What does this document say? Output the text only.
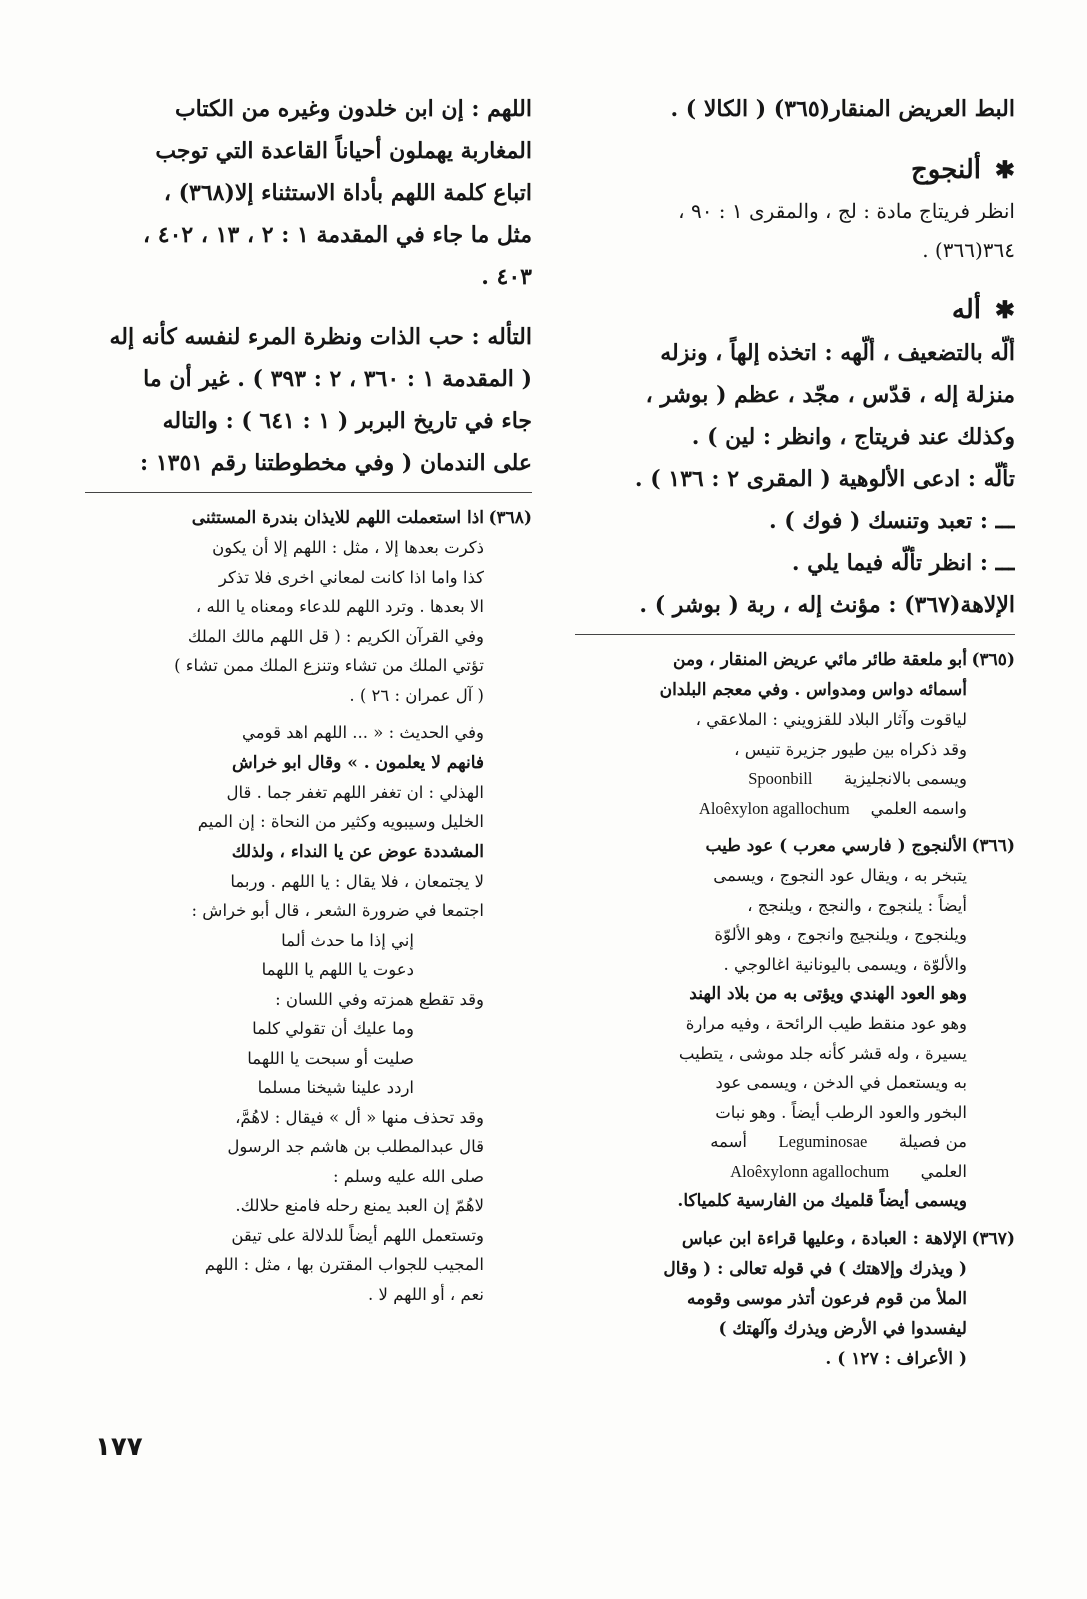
البط العريض المنقار(٣٦٥) ( الكالا ) .
✱
ألنجوج
انظر فريتاج مادة : لج ، والمقرى ١ : ٩٠ ،
٣٦٤(٣٦٦) .
✱
أله
ألّه بالتضعيف ، ألّهه : اتخذه إلهاً ، ونزله
منزلة إله ، قدّس ، مجّد ، عظم ( بوشر ،
وكذلك عند فريتاج ، وانظر : لين ) .
تألّه : ادعى الألوهية ( المقرى ٢ : ١٣٦ ) .
ـــ : تعبد وتنسك ( فوك ) .
ـــ : انظر تألّه فيما يلي .
الإلاهة(٣٦٧) : مؤنث إله ، ربة ( بوشر ) .
(٣٦٥)
أبو ملعقة طائر مائي عريض المنقار ، ومن
أسمائه دواس ومدواس . وفي معجم البلدان
لياقوت وآثار البلاد للقزويني : الملاعقي ،
وقد ذكراه بين طيور جزيرة تنيس ،
ويسمى بالانجليزية      Spoonbill
واسمه العلمي    Aloêxylon agallochum
(٣٦٦)
الألنجوج ( فارسي معرب ) عود طيب
يتبخر به ، ويقال عود النجوج ، ويسمى
أيضاً : يلنجوج ، والنجج ، ويلنجج ،
ويلنجوج ، ويلنجيج وانجوج ، وهو الألوّة
والألوّة ، ويسمى باليونانية اغالوجي .
وهو العود الهندي ويؤتى به من بلاد الهند
وهو عود منقط طيب الرائحة ، وفيه مرارة
يسيرة ، وله قشر كأنه جلد موشى ، يتطيب
به ويستعمل في الدخن ، ويسمى عود
البخور والعود الرطب أيضاً . وهو نبات
من فصيلة      Leguminosae      أسمه
العلمي      Aloêxylonn agallochum
ويسمى أيضاً قلميك من الفارسية كلمياكا.
(٣٦٧)
الإلاهة : العبادة ، وعليها قراءة ابن عباس
( ويذرك وإلاهتك ) في قوله تعالى : ( وقال
الملأ من قوم فرعون أتذر موسى وقومه
ليفسدوا في الأرض ويذرك وآلهتك )
( الأعراف : ١٢٧ ) .
اللهم : إن ابن خلدون وغيره من الكتاب
المغاربة يهملون أحياناً القاعدة التي توجب
اتباع كلمة اللهم بأداة الاستثناء إلا(٣٦٨) ،
مثل ما جاء في المقدمة ١ : ٢ ، ١٣ ، ٤٠٢ ،
٤٠٣ .
التأله : حب الذات ونظرة المرء لنفسه كأنه إله
( المقدمة ١ : ٣٦٠ ، ٢ : ٣٩٣ ) . غير أن ما
جاء في تاريخ البربر ( ١ : ٦٤١ ) : والتاله
على الندمان ( وفي مخطوطتنا رقم ١٣٥١ :
(٣٦٨)
اذا استعملت اللهم للايذان بندرة المستثنى
ذكرت بعدها إلا ، مثل : اللهم إلا أن يكون
كذا واما اذا كانت لمعاني اخرى فلا تذكر
الا بعدها . وترد اللهم للدعاء ومعناه يا الله ،
وفي القرآن الكريم : ( قل اللهم مالك الملك
تؤتي الملك من تشاء وتنزع الملك ممن تشاء )
( آل عمران : ٢٦ ) .
وفي الحديث : « ... اللهم اهد قومي
فانهم لا يعلمون . » وقال ابو خراش
الهذلي : ان تغفر اللهم تغفر جما . قال
الخليل وسيبويه وكثير من النحاة : إن الميم
المشددة عوض عن يا النداء ، ولذلك
لا يجتمعان ، فلا يقال : يا اللهم . وربما
اجتمعا في ضرورة الشعر ، قال أبو خراش :
إني إذا ما حدث ألما
دعوت يا اللهم يا اللهما
وقد تقطع همزته وفي اللسان :
وما عليك أن تقولي كلما
صليت أو سبحت يا اللهما
اردد علينا شيخنا مسلما
وقد تحذف منها « أل » فيقال : لاهُمَّ،
قال عبدالمطلب بن هاشم جد الرسول
صلى الله عليه وسلم :
لاهُمّ إن العبد يمنع رحله فامنع حلالك.
وتستعمل اللهم أيضاً للدلالة على تيقن
المجيب للجواب المقترن بها ، مثل : اللهم
نعم ، أو اللهم لا .
١٧٧
